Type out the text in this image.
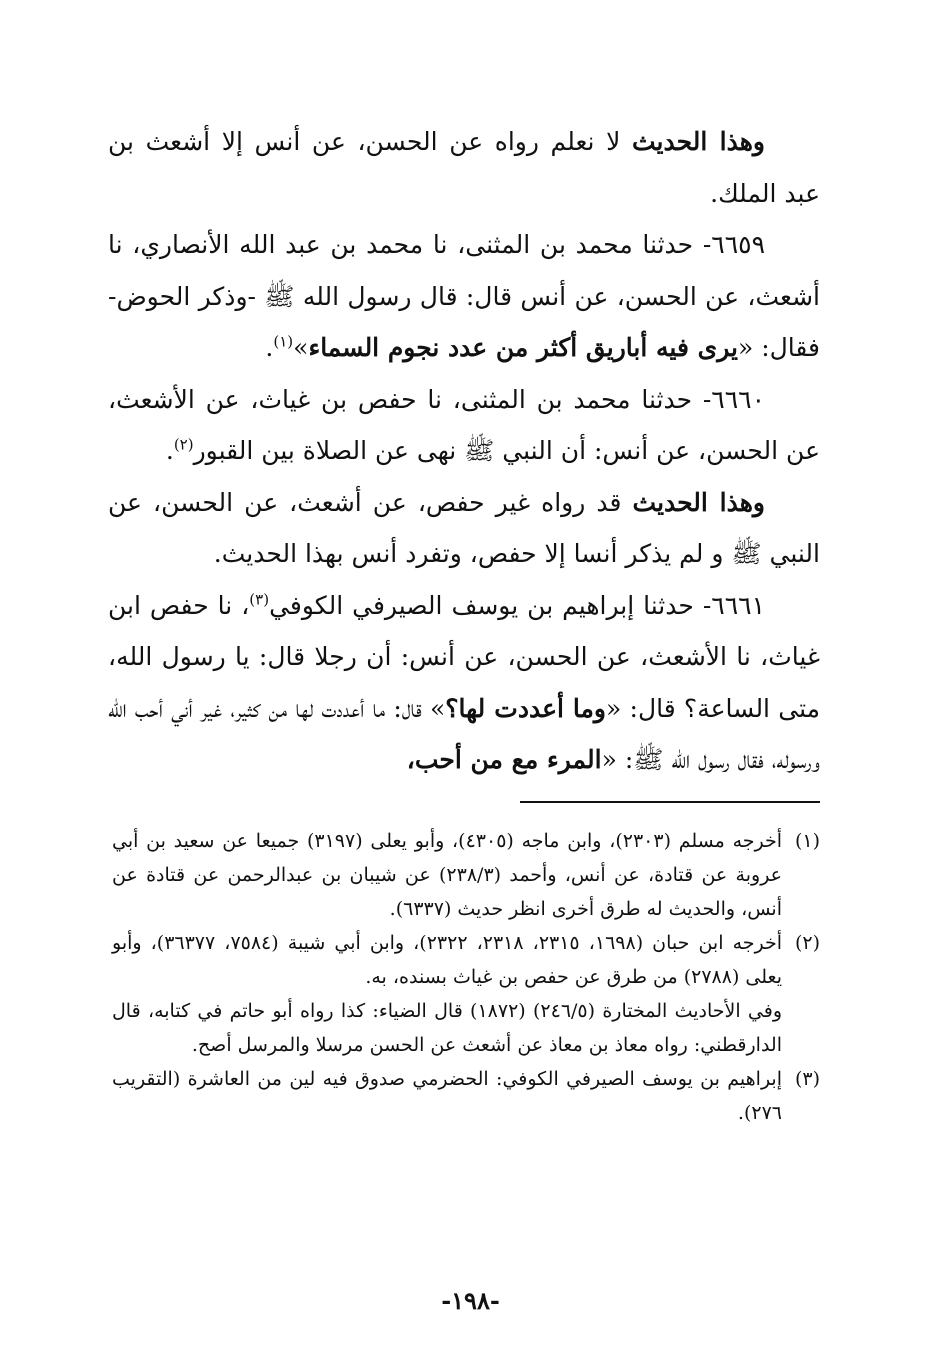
وهذا الحديث لا نعلم رواه عن الحسن، عن أنس إلا أشعث بن عبد الملك.

٦٦٥٩- حدثنا محمد بن المثنى، نا محمد بن عبد الله الأنصاري، نا أشعث، عن الحسن، عن أنس قال: قال رسول الله ﷺ -وذكر الحوض- فقال: «يرى فيه أباريق أكثر من عدد نجوم السماء»$^{(١)}$.

٦٦٦٠- حدثنا محمد بن المثنى، نا حفص بن غياث، عن الأشعث، عن الحسن، عن أنس: أن النبي ﷺ نهى عن الصلاة بين القبور$^{(٢)}$.

وهذا الحديث قد رواه غير حفص، عن أشعث، عن الحسن، عن النبي ﷺ و لم يذكر أنسا إلا حفص، وتفرد أنس بهذا الحديث.

٦٦٦١- حدثنا إبراهيم بن يوسف الصيرفي الكوفي$^{(٣)}$، نا حفص ابن غياث، نا الأشعث، عن الحسن، عن أنس: أن رجلا قال: يا رسول الله، متى الساعة؟ قال: «وما أعددت لها؟» قال: ما أعددت لها من كثير، غير أني أحب الله ورسوله، فقال رسول الله ﷺ: «المرء مع من أحب،

(١)
أخرجه مسلم (٢٣٠٣)، وابن ماجه (٤٣٠٥)، وأبو يعلى (٣١٩٧) جميعا عن سعيد بن أبي عروبة عن قتادة، عن أنس، وأحمد (٢٣٨/٣) عن شيبان بن عبدالرحمن عن قتادة عن أنس، والحديث له طرق أخرى انظر حديث (٦٣٣٧).
(٢)
أخرجه ابن حبان (١٦٩٨، ٢٣١٥، ٢٣١٨، ٢٣٢٢)، وابن أبي شيبة (٧٥٨٤، ٣٦٣٧٧)، وأبو يعلى (٢٧٨٨) من طرق عن حفص بن غياث بسنده، به.
وفي الأحاديث المختارة (٢٤٦/٥) (١٨٧٢) قال الضياء: كذا رواه أبو حاتم في كتابه، قال الدارقطني: رواه معاذ بن معاذ عن أشعث عن الحسن مرسلا والمرسل أصح.
(٣)
إبراهيم بن يوسف الصيرفي الكوفي: الحضرمي صدوق فيه لين من العاشرة (التقريب ٢٧٦).
-١٩٨-
